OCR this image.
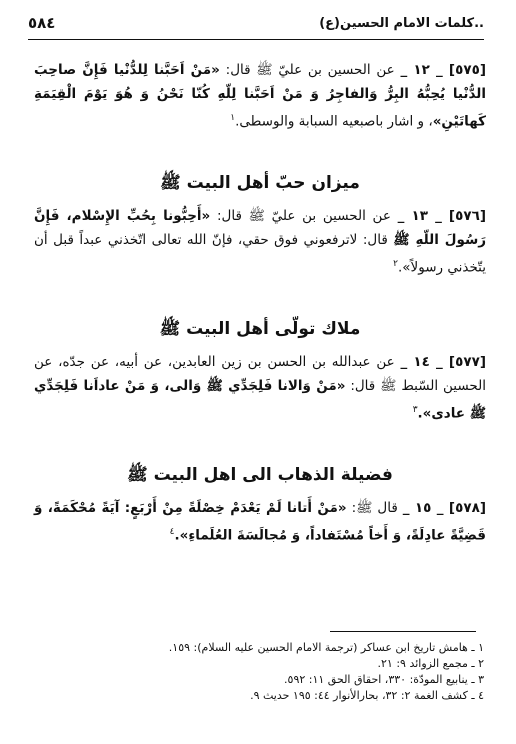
..كلمات الامام الحسين(ع)
٥٨٤
[٥٧٥] _ ١٢ _ عن الحسين بن عليّ ﷺ قال: «مَنْ اَحَبَّنا لِلدُّنْيا فَإِنَّ صاحِبَ الدُّنْيا يُحِبُّهُ البِرُّ وَالفاجِرُ وَ مَنْ اَحَبَّنا لِلّهِ كُنّا نَحْنُ وَ هُوَ يَوْمَ الْقِيَمَةِ كَهاتَيْنِ»، و اشار باصبعيه السبابة والوسطى.$^١$
ميزان حبّ أهل البيت ﷺ
[٥٧٦] _ ١٣ _ عن الحسين بن عليّ ﷺ قال: «أَحِبُّونا بِحُبِّ الإِسْلام، فَإِنَّ رَسُولَ اللّهِ ﷺ قال: لاترفعوني فوق حقي، فإنّ الله تعالى اتّخذني عبداً قبل أن يتّخذني رسولاً».$^٢$
ملاك تولّى أهل البيت ﷺ
[٥٧٧] _ ١٤ _ عن عبدالله بن الحسن بن زين العابدين، عن أبيه، عن جدّه، عن الحسين السّبط ﷺ قال: «مَنْ وَالانا فَلِجَدِّي ﷺ وَالى، وَ مَنْ عاداَنا فَلِجَدِّي ﷺ عادى».$^٣$
فضيلة الذهاب الى اهل البيت ﷺ
[٥٧٨] _ ١٥ _ قال ﷺ: «مَنْ أَتانا لَمْ يَعْدَمْ خِصْلَةً مِنْ أَرْبَعٍ: آيَةً مُحْكَمَةً، وَ قَضِيَّةً عادِلَةً، وَ أَخاً مُسْتَفاداً، وَ مُجالَسَةَ العُلَماءِ».$^٤$
١ ـ هامش تاريخ ابن عساكر (ترجمة الامام الحسين عليه السلام): ١٥٩.
٢ ـ مجمع الزوائد ٩: ٢١.
٣ ـ ينابيع المودّة: ٣٣٠، احقاق الحق ١١: ٥٩٢.
٤ ـ كشف الغمة ٢: ٣٢، بحارالأنوار ٤٤: ١٩٥ حديث ٩.
